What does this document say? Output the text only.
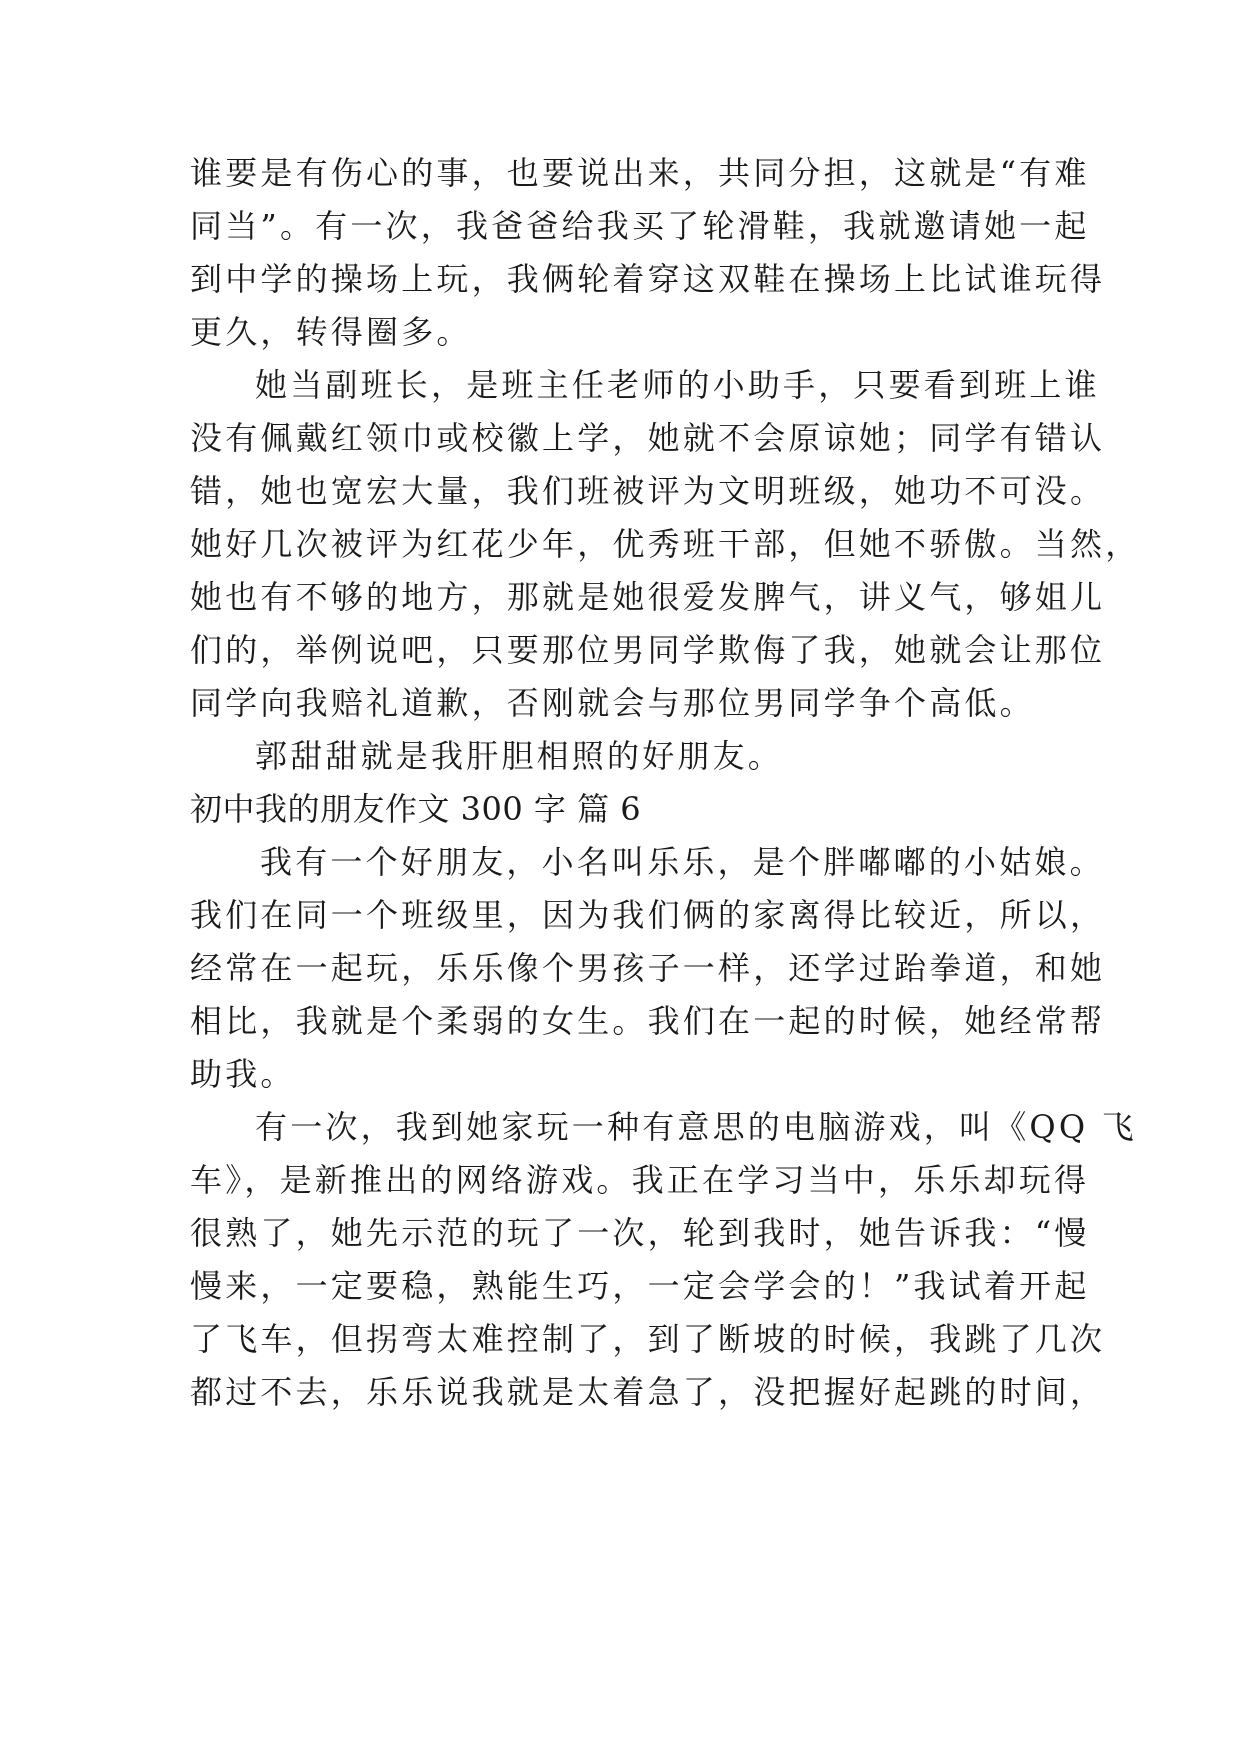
谁要是有伤心的事，也要说出来，共同分担，这就是“有难
同当”。有一次，我爸爸给我买了轮滑鞋，我就邀请她一起
到中学的操场上玩，我俩轮着穿这双鞋在操场上比试谁玩得
更久，转得圈多。
她当副班长，是班主任老师的小助手，只要看到班上谁
没有佩戴红领巾或校徽上学，她就不会原谅她；同学有错认
错，她也宽宏大量，我们班被评为文明班级，她功不可没。
她好几次被评为红花少年，优秀班干部，但她不骄傲。当然，
她也有不够的地方，那就是她很爱发脾气，讲义气，够姐儿
们的，举例说吧，只要那位男同学欺侮了我，她就会让那位
同学向我赔礼道歉，否刚就会与那位男同学争个高低。
郭甜甜就是我肝胆相照的好朋友。
初中我的朋友作文 300 字 篇 6
我有一个好朋友，小名叫乐乐，是个胖嘟嘟的小姑娘。
我们在同一个班级里，因为我们俩的家离得比较近，所以，
经常在一起玩，乐乐像个男孩子一样，还学过跆拳道，和她
相比，我就是个柔弱的女生。我们在一起的时候，她经常帮
助我。
有一次，我到她家玩一种有意思的电脑游戏，叫《QQ 飞
车》，是新推出的网络游戏。我正在学习当中，乐乐却玩得
很熟了，她先示范的玩了一次，轮到我时，她告诉我：“慢
慢来，一定要稳，熟能生巧，一定会学会的！”我试着开起
了飞车，但拐弯太难控制了，到了断坡的时候，我跳了几次
都过不去，乐乐说我就是太着急了，没把握好起跳的时间，
